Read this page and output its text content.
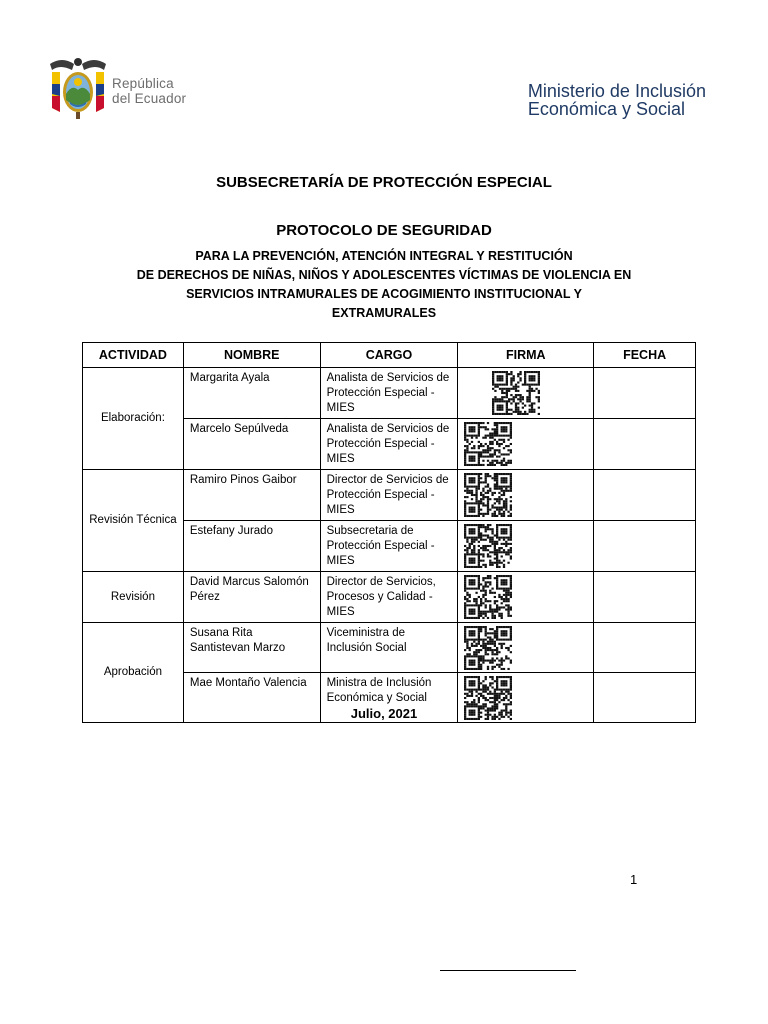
República
del Ecuador	Ministerio de Inclusión
Económica y Social
SUBSECRETARÍA DE PROTECCIÓN ESPECIAL
PROTOCOLO DE SEGURIDAD
PARA LA PREVENCIÓN, ATENCIÓN INTEGRAL Y RESTITUCIÓN
DE DERECHOS DE NIÑAS, NIÑOS Y ADOLESCENTES VÍCTIMAS DE VIOLENCIA EN
SERVICIOS INTRAMURALES DE ACOGIMIENTO INSTITUCIONAL Y
EXTRAMURALES
ACTIVIDAD	NOMBRE	CARGO	FIRMA	FECHA
Elaboración:	Margarita Ayala	Analista de Servicios de Protección Especial - MIES	

	Marcelo Sepúlveda	Analista de Servicios de Protección Especial - MIES	

Revisión Técnica	Ramiro Pinos Gaibor	Director de Servicios de Protección Especial - MIES	

	Estefany Jurado	Subsecretaria de Protección Especial - MIES	

Revisión	David Marcus Salomón Pérez	Director de Servicios, Procesos y Calidad - MIES	

Aprobación	Susana Rita Santistevan Marzo	Viceministra de Inclusión Social	

	Mae Montaño Valencia	Ministra de Inclusión Económica y Social	

Julio, 2021
1
